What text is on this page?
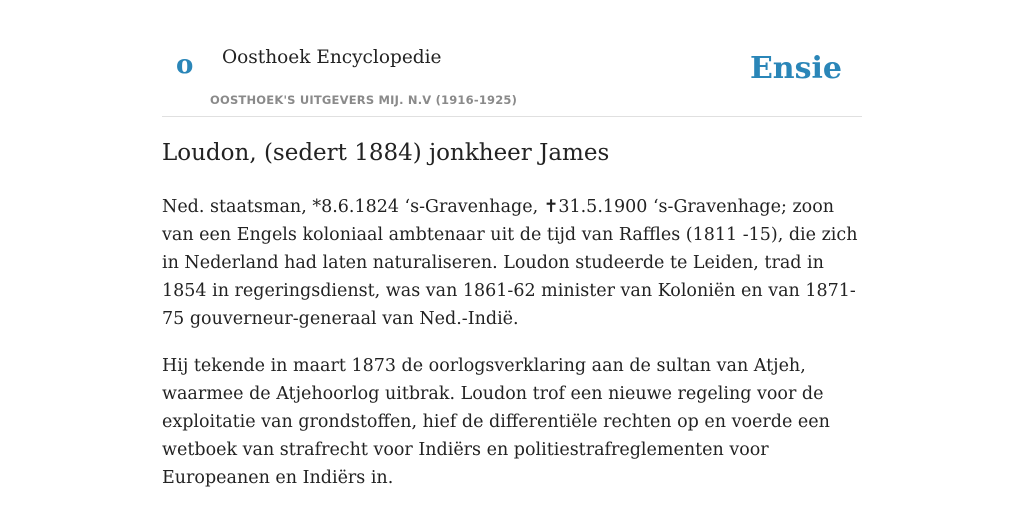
o Oosthoek Encyclopedie
OOSTHOEK'S UITGEVERS MIJ. N.V (1916-1925)
Ensie
Loudon, (sedert 1884) jonkheer James

Ned. staatsman, *8.6.1824 ‘s-Gravenhage, ✝31.5.1900 ‘s-Gravenhage; zoon van een Engels koloniaal ambtenaar uit de tijd van Raffles (1811 -15), die zich in Nederland had laten naturaliseren. Loudon studeerde te Leiden, trad in 1854 in regeringsdienst, was van 1861-62 minister van Koloniën en van 1871-75 gouverneur-generaal van Ned.-Indië.

Hij tekende in maart 1873 de oorlogsverklaring aan de sultan van Atjeh, waarmee de Atjehoorlog uitbrak. Loudon trof een nieuwe regeling voor de exploitatie van grondstoffen, hief de differentiële rechten op en voerde een wetboek van strafrecht voor Indiërs en politiestrafreglementen voor Europeanen en Indiërs in.
